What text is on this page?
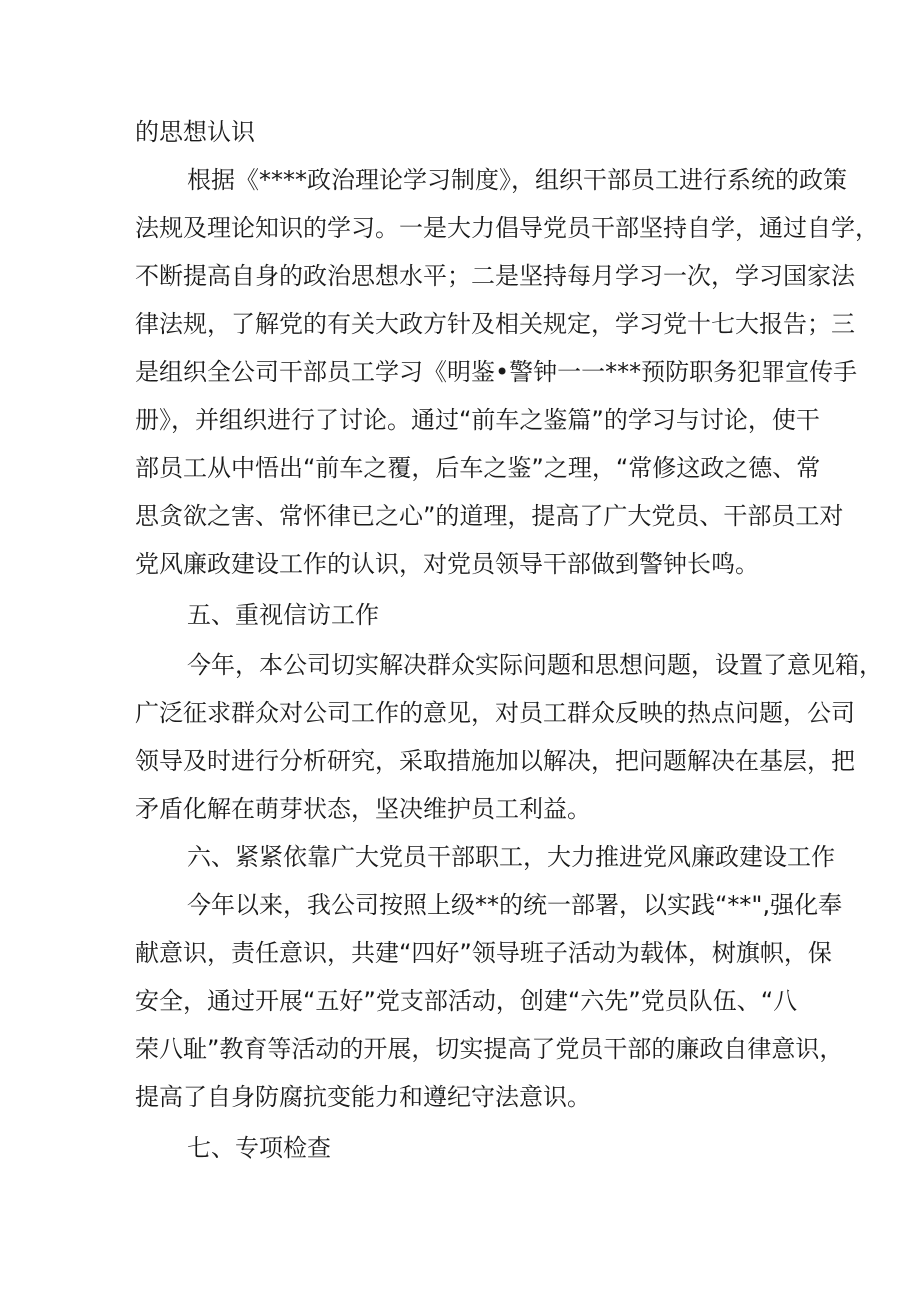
的思想认识

根据《****政治理论学习制度》，组织干部员工进行系统的政策

法规及理论知识的学习。一是大力倡导党员干部坚持自学，通过自学，

不断提高自身的政治思想水平；二是坚持每月学习一次，学习国家法

律法规，了解党的有关大政方针及相关规定，学习党十七大报告；三

是组织全公司干部员工学习《明鉴•警钟一一***预防职务犯罪宣传手

册》，并组织进行了讨论。通过“前车之鉴篇”的学习与讨论，使干

部员工从中悟出“前车之覆，后车之鉴”之理，“常修这政之德、常

思贪欲之害、常怀律已之心”的道理，提高了广大党员、干部员工对

党风廉政建设工作的认识，对党员领导干部做到警钟长鸣。

五、重视信访工作

今年，本公司切实解决群众实际问题和思想问题，设置了意见箱，

广泛征求群众对公司工作的意见，对员工群众反映的热点问题，公司

领导及时进行分析研究，采取措施加以解决，把问题解决在基层，把

矛盾化解在萌芽状态，坚决维护员工利益。

六、紧紧依靠广大党员干部职工，大力推进党风廉政建设工作

今年以来，我公司按照上级**的统一部署，以实践“**",强化奉

献意识，责任意识，共建“四好”领导班子活动为载体，树旗帜，保

安全，通过开展“五好”党支部活动，创建“六先”党员队伍、“八

荣八耻”教育等活动的开展，切实提高了党员干部的廉政自律意识，

提高了自身防腐抗变能力和遵纪守法意识。

七、专项检查
